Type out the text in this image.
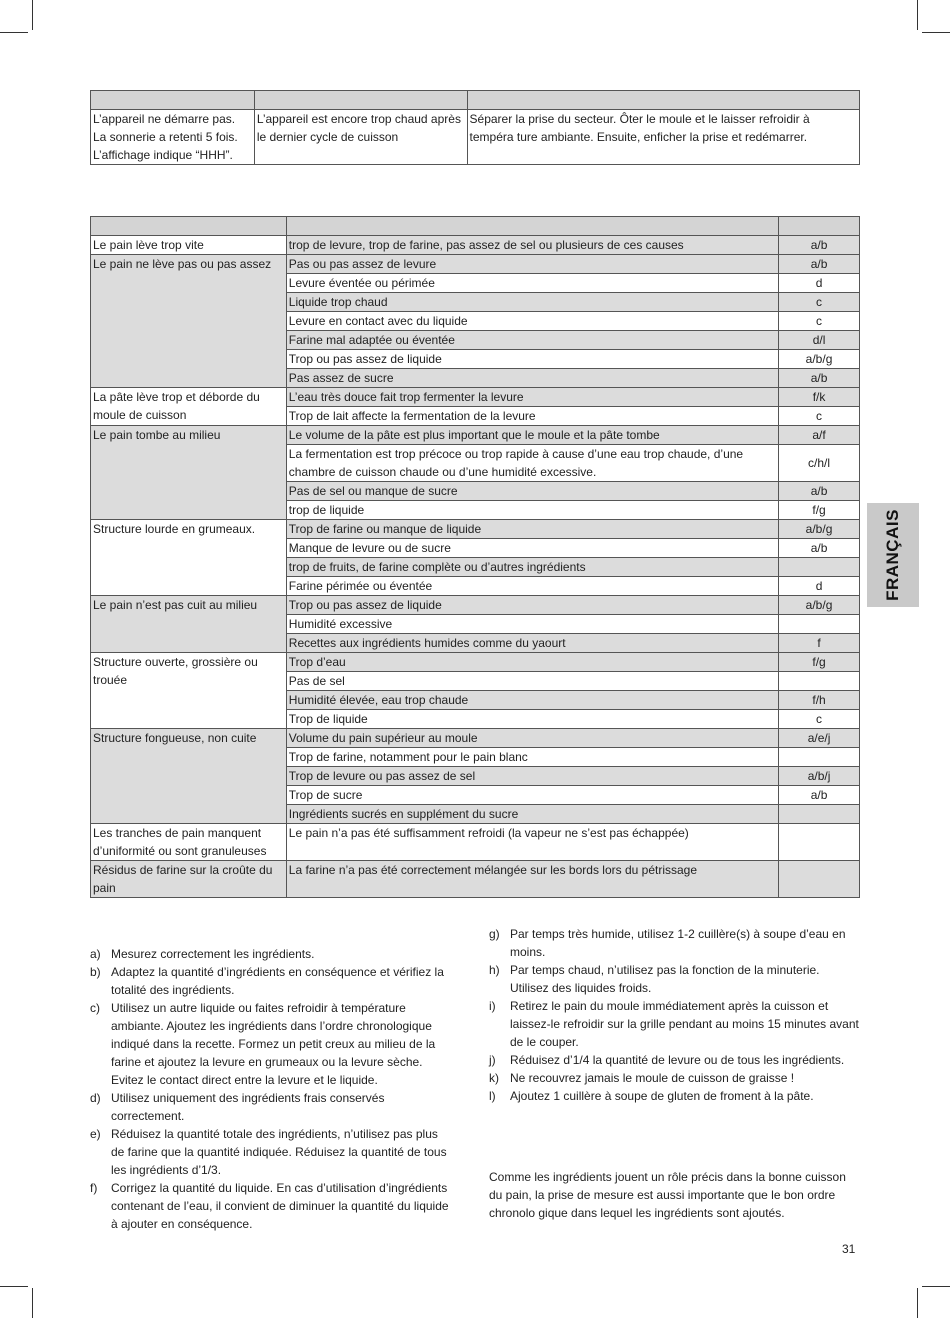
L’appareil ne démarre pas.
La sonnerie a retenti 5 fois.
L’affichage indique “HHH”.	L’appareil est encore trop chaud après le dernier cycle de cuisson	Séparer la prise du secteur. Ôter le moule et le laisser refroidir à tempéra ture ambiante. Ensuite, enficher la prise et redémarrer.

Le pain lève trop vite	trop de levure, trop de farine, pas assez de sel ou plusieurs de ces causes	a/b
Le pain ne lève pas ou pas assez	Pas ou pas assez de levure	a/b
	Levure éventée ou périmée	d
	Liquide trop chaud	c
	Levure en contact avec du liquide	c
	Farine mal adaptée ou éventée	d/l
	Trop ou pas assez de liquide	a/b/g
	Pas assez de sucre	a/b
La pâte lève trop et déborde du moule de cuisson	L’eau très douce fait trop fermenter la levure	f/k
	Trop de lait affecte la fermentation de la levure	c
Le pain tombe au milieu	Le volume de la pâte est plus important que le moule et la pâte tombe	a/f
	La fermentation est trop précoce ou trop rapide à cause d’une eau trop chaude, d’une chambre de cuisson chaude ou d’une humidité excessive.	c/h/l
	Pas de sel ou manque de sucre	a/b
	trop de liquide	f/g
Structure lourde en grumeaux.	Trop de farine ou manque de liquide	a/b/g
	Manque de levure ou de sucre	a/b
	trop de fruits, de farine complète ou d’autres ingrédients	
	Farine périmée ou éventée	d
Le pain n’est pas cuit au milieu	Trop ou pas assez de liquide	a/b/g
	Humidité excessive	
	Recettes aux ingrédients humides comme du yaourt	f
Structure ouverte, grossière ou trouée	Trop d’eau	f/g
	Pas de sel	
	Humidité élevée, eau trop chaude	f/h
	Trop de liquide	c
Structure fongueuse, non cuite	Volume du pain supérieur au moule	a/e/j
	Trop de farine, notamment pour le pain blanc	
	Trop de levure ou pas assez de sel	a/b/j
	Trop de sucre	a/b
	Ingrédients sucrés en supplément du sucre	
Les tranches de pain manquent d’uniformité ou sont granuleuses	Le pain n’a pas été suffisamment refroidi (la vapeur ne s’est pas échappée)	
Résidus de farine sur la croûte du pain	La farine n’a pas été correctement mélangée sur les bords lors du pétrissage	
a) Mesurez correctement les ingrédients.
b) Adaptez la quantité d’ingrédients en conséquence et vérifiez la totalité des ingrédients.
c) Utilisez un autre liquide ou faites refroidir à température ambiante. Ajoutez les ingrédients dans l’ordre chronologique indiqué dans la recette. Formez un petit creux au milieu de la farine et ajoutez la levure en grumeaux ou la levure sèche. Evitez le contact direct entre la levure et le liquide.
d) Utilisez uniquement des ingrédients frais conservés correctement.
e) Réduisez la quantité totale des ingrédients, n’utilisez pas plus de farine que la quantité indiquée. Réduisez la quantité de tous les ingrédients d’1/3.
f)	Corrigez la quantité du liquide. En cas d’utilisation d’ingrédients contenant de l’eau, il convient de diminuer la quantité du liquide à ajouter en conséquence.
g) Par temps très humide, utilisez 1-2 cuillère(s) à soupe d’eau en moins.
h) Par temps chaud, n’utilisez pas la fonction de la minuterie. Utilisez des liquides froids.
i)	Retirez le pain du moule immédiatement après la cuisson et laissez-le refroidir sur la grille pendant au moins 15 minutes avant de le couper.
j)	Réduisez d’1/4 la quantité de levure ou de tous les ingrédients.
k) Ne recouvrez jamais le moule de cuisson de graisse !
l)	Ajoutez 1 cuillère à soupe de gluten de froment à la pâte.
Comme les ingrédients jouent un rôle précis dans la bonne cuisson du pain, la prise de mesure est aussi importante que le bon ordre chronolo gique dans lequel les ingrédients sont ajoutés.
31
FRANÇAIS
